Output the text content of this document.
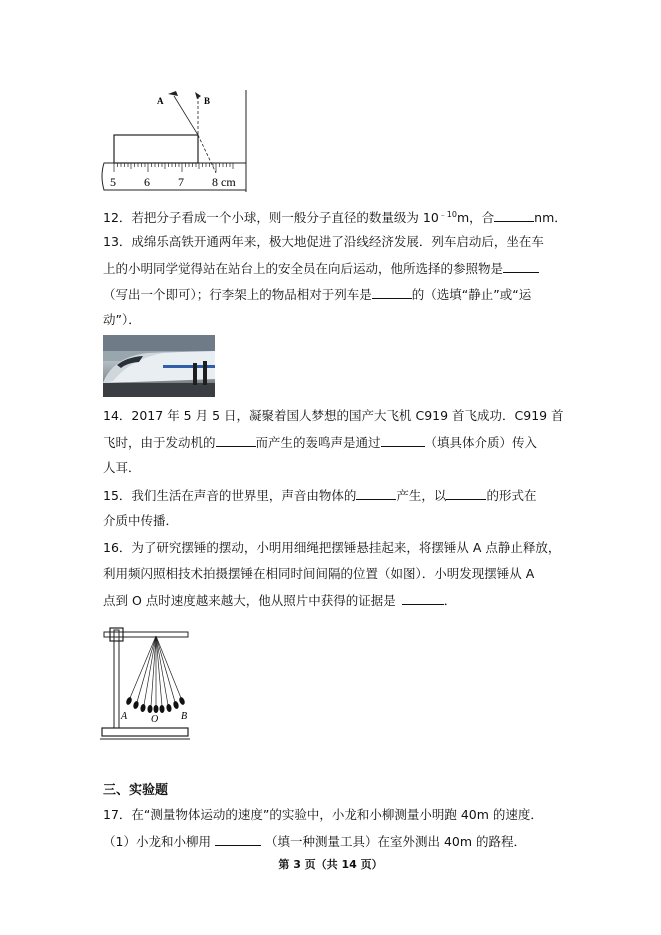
A	B
5 6 7 8 cm
12．若把分子看成一个小球，则一般分子直径的数量级为 $10^{﹣10}m$，合	nm．
13．成绵乐高铁开通两年来，极大地促进了沿线经济发展．列车启动后，坐在车
上的小明同学觉得站在站台上的安全员在向后运动，他所选择的参照物是
（写出一个即可）；行李架上的物品相对于列车是	的（选填“静止”或“运
动”）．
14．2017 年 5 月 5 日，凝聚着国人梦想的国产大飞机 C919 首飞成功．C919 首
飞时，由于发动机的	而产生的轰鸣声是通过	（填具体介质）传入
人耳．
15．我们生活在声音的世界里，声音由物体的	产生，以	的形式在
介质中传播．
16．为了研究摆锤的摆动，小明用细绳把摆锤悬挂起来，将摆锤从 A 点静止释放，
利用频闪照相技术拍摄摆锤在相同时间间隔的位置（如图）．小明发现摆锤从 A
点到 O 点时速度越来越大，他从照片中获得的证据是	．
A O B
三、实验题
17．在“测量物体运动的速度”的实验中，小龙和小柳测量小明跑 40m 的速度．
（1）小龙和小柳用	（填一种测量工具）在室外测出 40m 的路程．
第 3 页（共 14 页）
